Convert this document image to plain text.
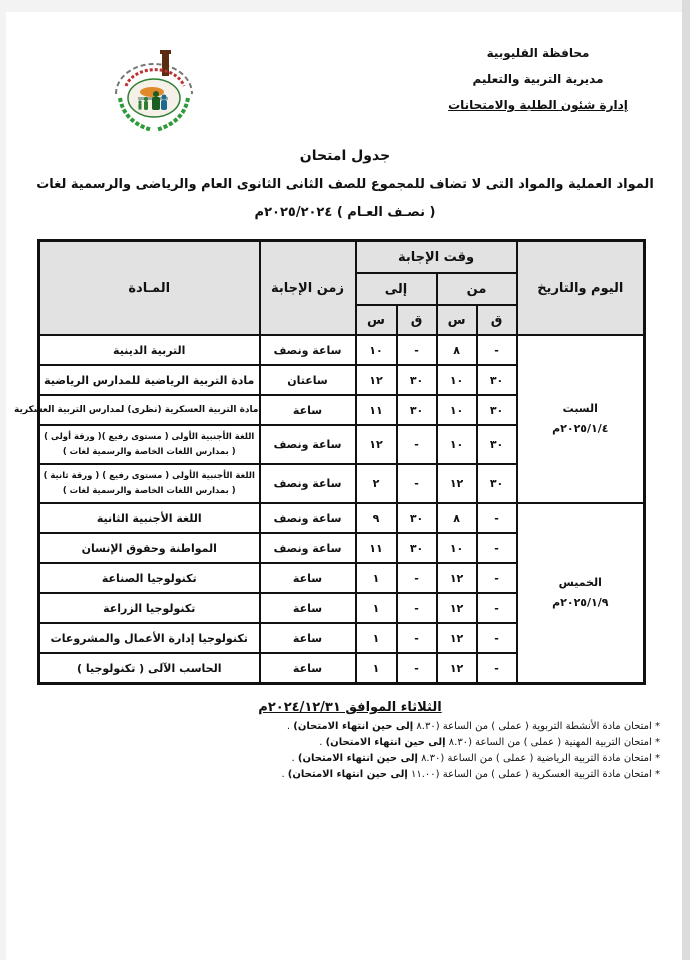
محافظة القليوبية
مديرية التربية والتعليم
إدارة شئون الطلبة والامتحانات
جدول امتحان
المواد العملية والمواد التى لا تضاف للمجموع للصف الثانى الثانوى العام والرياضى والرسمية لغات
( نصـف العـام ) ٢٠٢٥/٢٠٢٤م
اليوم والتاريخ	وقت الإجابة				زمن الإجابة	المـادة
	من		إلى			
	ق	س	ق	س		

السبت
٢٠٢٥/١/٤م	-	٨	-	١٠	ساعة ونصف	التربية الدينية
	٣٠	١٠	٣٠	١٢	ساعتان	مادة التربية الرياضية للمدارس الرياضية
	٣٠	١٠	٣٠	١١	ساعة	مادة التربية العسكرية (نظرى) لمدارس التربية العسكرية
	٣٠	١٠	-	١٢	ساعة ونصف	اللغة الأجنبية الأولى ( مستوى رفيع )( ورقة أولى )
( بمدارس اللغات الخاصة والرسمية لغات )

	٣٠	١٢	-	٢	ساعة ونصف	اللغة الأجنبية الأولى ( مستوى رفيع ) ( ورقة ثانية )
( بمدارس اللغات الخاصة والرسمية لغات )

الخميس
٢٠٢٥/١/٩م	-	٨	٣٠	٩	ساعة ونصف	اللغة الأجنبية الثانية
	-	١٠	٣٠	١١	ساعة ونصف	المواطنة وحقوق الإنسان
	-	١٢	-	١	ساعة	تكنولوجيا الصناعة
	-	١٢	-	١	ساعة	تكنولوجيا الزراعة
	-	١٢	-	١	ساعة	تكنولوجيا إدارة الأعمال والمشروعات
	-	١٢	-	١	ساعة	الحاسب الآلى ( تكنولوجيا )
الثلاثاء الموافق ٢٠٢٤/١٢/٣١م
* امتحان مادة الأنشطة التربوية ( عملى ) من الساعة (٨.٣٠ إلى حين انتهاء الامتحان) .
* امتحان التربية المهنية ( عملى ) من الساعة (٨.٣٠ إلى حين انتهاء الامتحان) .
* امتحان مادة التربية الرياضية ( عملى ) من الساعة (٨.٣٠ إلى حين انتهاء الامتحان) .
* امتحان مادة التربية العسكرية ( عملى ) من الساعة (١١.٠٠ إلى حين انتهاء الامتحان) .
